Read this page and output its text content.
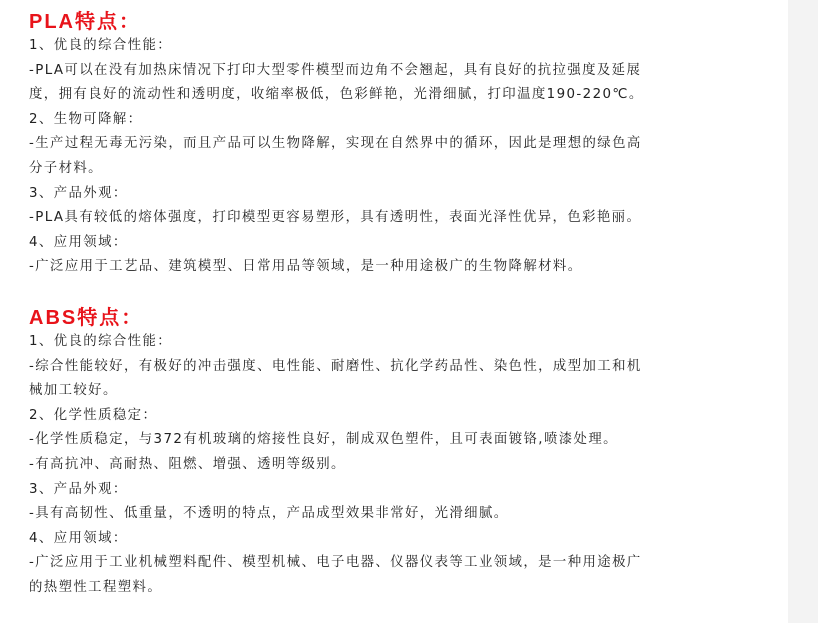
PLA特点：

1、优良的综合性能：

-PLA可以在没有加热床情况下打印大型零件模型而边角不会翘起，具有良好的抗拉强度及延展

度，拥有良好的流动性和透明度，收缩率极低，色彩鲜艳，光滑细腻，打印温度190-220℃。

2、生物可降解：

-生产过程无毒无污染，而且产品可以生物降解，实现在自然界中的循环，因此是理想的绿色高

分子材料。

3、产品外观：

-PLA具有较低的熔体强度，打印模型更容易塑形，具有透明性，表面光泽性优异，色彩艳丽。

4、应用领域：

-广泛应用于工艺品、建筑模型、日常用品等领域，是一种用途极广的生物降解材料。

ABS特点：

1、优良的综合性能：

-综合性能较好，有极好的冲击强度、电性能、耐磨性、抗化学药品性、染色性，成型加工和机

械加工较好。

2、化学性质稳定：

-化学性质稳定，与372有机玻璃的熔接性良好，制成双色塑件，且可表面镀铬,喷漆处理。

-有高抗冲、高耐热、阻燃、增强、透明等级别。

3、产品外观：

-具有高韧性、低重量，不透明的特点，产品成型效果非常好，光滑细腻。

4、应用领域：

-广泛应用于工业机械塑料配件、模型机械、电子电器、仪器仪表等工业领域，是一种用途极广

的热塑性工程塑料。
